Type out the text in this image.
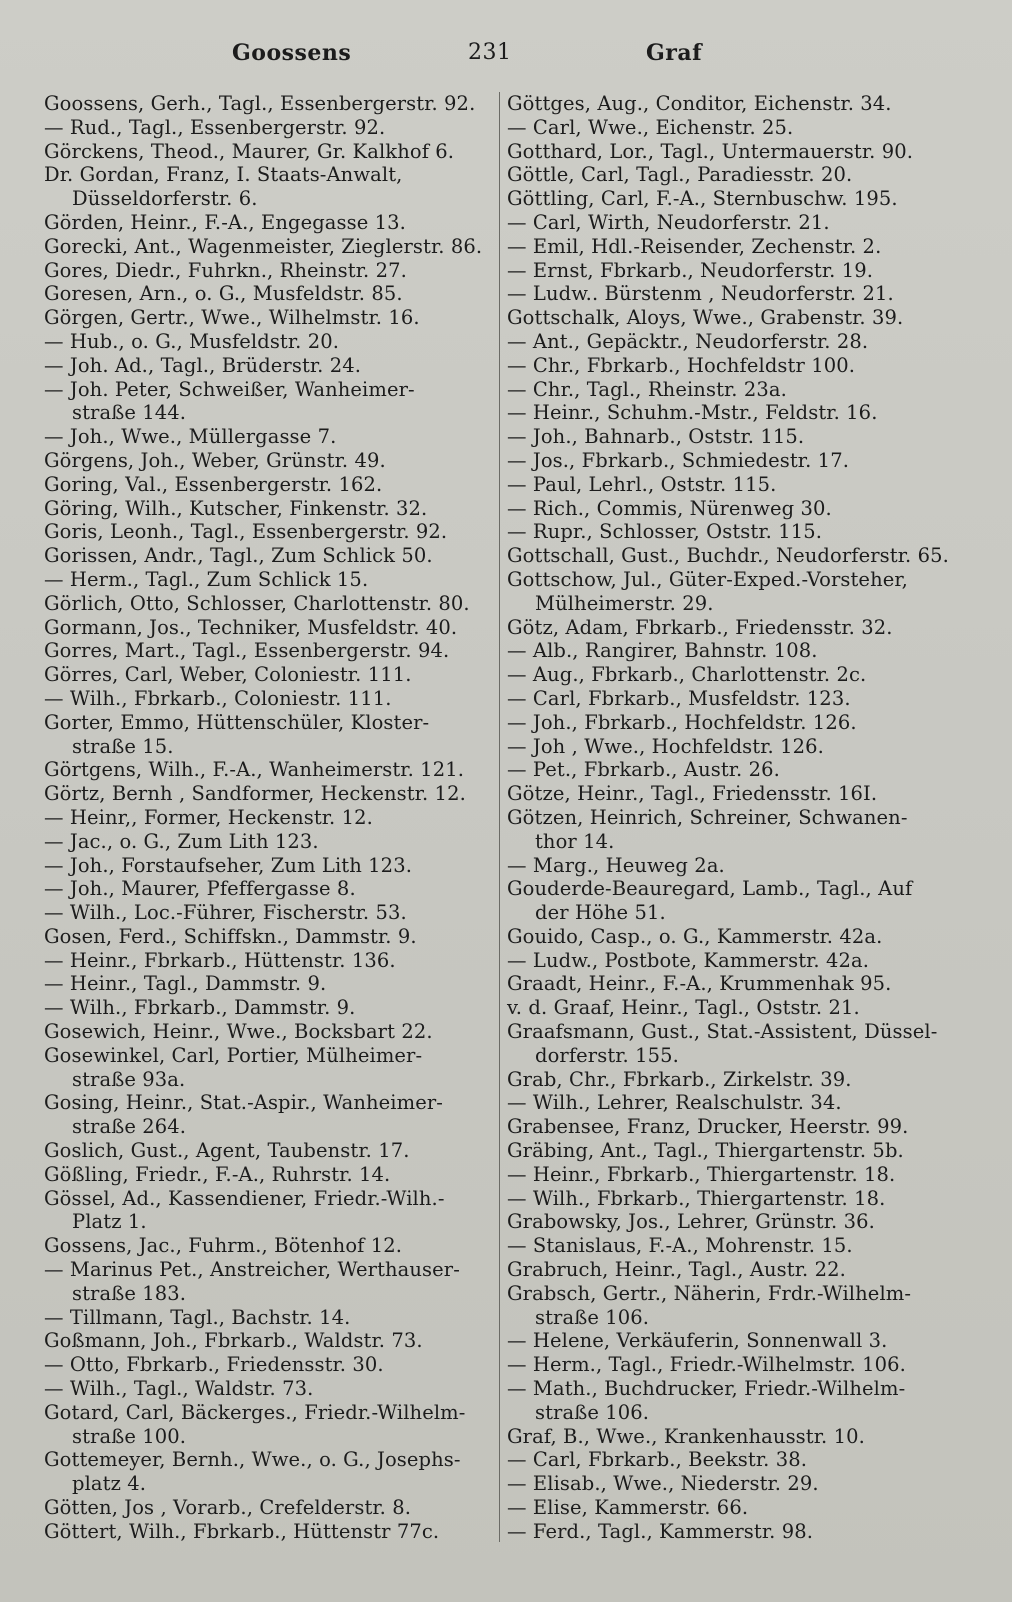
Goossens	231	Graf
Goossens, Gerh., Tagl., Essenbergerstr. 92.
— Rud., Tagl., Essenbergerstr. 92.
Görckens, Theod., Maurer, Gr. Kalkhof 6.
Dr. Gordan, Franz, I. Staats-Anwalt,
Düsseldorferstr. 6.
Görden, Heinr., F.-A., Engegasse 13.
Gorecki, Ant., Wagenmeister, Zieglerstr. 86.
Gores, Diedr., Fuhrkn., Rheinstr. 27.
Goresen, Arn., o. G., Musfeldstr. 85.
Görgen, Gertr., Wwe., Wilhelmstr. 16.
— Hub., o. G., Musfeldstr. 20.
— Joh. Ad., Tagl., Brüderstr. 24.
— Joh. Peter, Schweißer, Wanheimer-
straße 144.
— Joh., Wwe., Müllergasse 7.
Görgens, Joh., Weber, Grünstr. 49.
Goring, Val., Essenbergerstr. 162.
Göring, Wilh., Kutscher, Finkenstr. 32.
Goris, Leonh., Tagl., Essenbergerstr. 92.
Gorissen, Andr., Tagl., Zum Schlick 50.
— Herm., Tagl., Zum Schlick 15.
Görlich, Otto, Schlosser, Charlottenstr. 80.
Gormann, Jos., Techniker, Musfeldstr. 40.
Gorres, Mart., Tagl., Essenbergerstr. 94.
Görres, Carl, Weber, Coloniestr. 111.
— Wilh., Fbrkarb., Coloniestr. 111.
Gorter, Emmo, Hüttenschüler, Kloster-
straße 15.
Görtgens, Wilh., F.-A., Wanheimerstr. 121.
Görtz, Bernh , Sandformer, Heckenstr. 12.
— Heinr,, Former, Heckenstr. 12.
— Jac., o. G., Zum Lith 123.
— Joh., Forstaufseher, Zum Lith 123.
— Joh., Maurer, Pfeffergasse 8.
— Wilh., Loc.-Führer, Fischerstr. 53.
Gosen, Ferd., Schiffskn., Dammstr. 9.
— Heinr., Fbrkarb., Hüttenstr. 136.
— Heinr., Tagl., Dammstr. 9.
— Wilh., Fbrkarb., Dammstr. 9.
Gosewich, Heinr., Wwe., Bocksbart 22.
Gosewinkel, Carl, Portier, Mülheimer-
straße 93a.
Gosing, Heinr., Stat.-Aspir., Wanheimer-
straße 264.
Goslich, Gust., Agent, Taubenstr. 17.
Gößling, Friedr., F.-A., Ruhrstr. 14.
Gössel, Ad., Kassendiener, Friedr.-Wilh.-
Platz 1.
Gossens, Jac., Fuhrm., Bötenhof 12.
— Marinus Pet., Anstreicher, Werthauser-
straße 183.
— Tillmann, Tagl., Bachstr. 14.
Goßmann, Joh., Fbrkarb., Waldstr. 73.
— Otto, Fbrkarb., Friedensstr. 30.
— Wilh., Tagl., Waldstr. 73.
Gotard, Carl, Bäckerges., Friedr.-Wilhelm-
straße 100.
Gottemeyer, Bernh., Wwe., o. G., Josephs-
platz 4.
Götten, Jos , Vorarb., Crefelderstr. 8.
Göttert, Wilh., Fbrkarb., Hüttenstr 77c.
Göttges, Aug., Conditor, Eichenstr. 34.
— Carl, Wwe., Eichenstr. 25.
Gotthard, Lor., Tagl., Untermauerstr. 90.
Göttle, Carl, Tagl., Paradiesstr. 20.
Göttling, Carl, F.-A., Sternbuschw. 195.
— Carl, Wirth, Neudorferstr. 21.
— Emil, Hdl.-Reisender, Zechenstr. 2.
— Ernst, Fbrkarb., Neudorferstr. 19.
— Ludw.. Bürstenm , Neudorferstr. 21.
Gottschalk, Aloys, Wwe., Grabenstr. 39.
— Ant., Gepäcktr., Neudorferstr. 28.
— Chr., Fbrkarb., Hochfeldstr 100.
— Chr., Tagl., Rheinstr. 23a.
— Heinr., Schuhm.-Mstr., Feldstr. 16.
— Joh., Bahnarb., Oststr. 115.
— Jos., Fbrkarb., Schmiedestr. 17.
— Paul, Lehrl., Oststr. 115.
— Rich., Commis, Nürenweg 30.
— Rupr., Schlosser, Oststr. 115.
Gottschall, Gust., Buchdr., Neudorferstr. 65.
Gottschow, Jul., Güter-Exped.-Vorsteher,
Mülheimerstr. 29.
Götz, Adam, Fbrkarb., Friedensstr. 32.
— Alb., Rangirer, Bahnstr. 108.
— Aug., Fbrkarb., Charlottenstr. 2c.
— Carl, Fbrkarb., Musfeldstr. 123.
— Joh., Fbrkarb., Hochfeldstr. 126.
— Joh , Wwe., Hochfeldstr. 126.
— Pet., Fbrkarb., Austr. 26.
Götze, Heinr., Tagl., Friedensstr. 16I.
Götzen, Heinrich, Schreiner, Schwanen-
thor 14.
— Marg., Heuweg 2a.
Gouderde-Beauregard, Lamb., Tagl., Auf
der Höhe 51.
Gouido, Casp., o. G., Kammerstr. 42a.
— Ludw., Postbote, Kammerstr. 42a.
Graadt, Heinr., F.-A., Krummenhak 95.
v. d. Graaf, Heinr., Tagl., Oststr. 21.
Graafsmann, Gust., Stat.-Assistent, Düssel-
dorferstr. 155.
Grab, Chr., Fbrkarb., Zirkelstr. 39.
— Wilh., Lehrer, Realschulstr. 34.
Grabensee, Franz, Drucker, Heerstr. 99.
Gräbing, Ant., Tagl., Thiergartenstr. 5b.
— Heinr., Fbrkarb., Thiergartenstr. 18.
— Wilh., Fbrkarb., Thiergartenstr. 18.
Grabowsky, Jos., Lehrer, Grünstr. 36.
— Stanislaus, F.-A., Mohrenstr. 15.
Grabruch, Heinr., Tagl., Austr. 22.
Grabsch, Gertr., Näherin, Frdr.-Wilhelm-
straße 106.
— Helene, Verkäuferin, Sonnenwall 3.
— Herm., Tagl., Friedr.-Wilhelmstr. 106.
— Math., Buchdrucker, Friedr.-Wilhelm-
straße 106.
Graf, B., Wwe., Krankenhausstr. 10.
— Carl, Fbrkarb., Beekstr. 38.
— Elisab., Wwe., Niederstr. 29.
— Elise, Kammerstr. 66.
— Ferd., Tagl., Kammerstr. 98.
